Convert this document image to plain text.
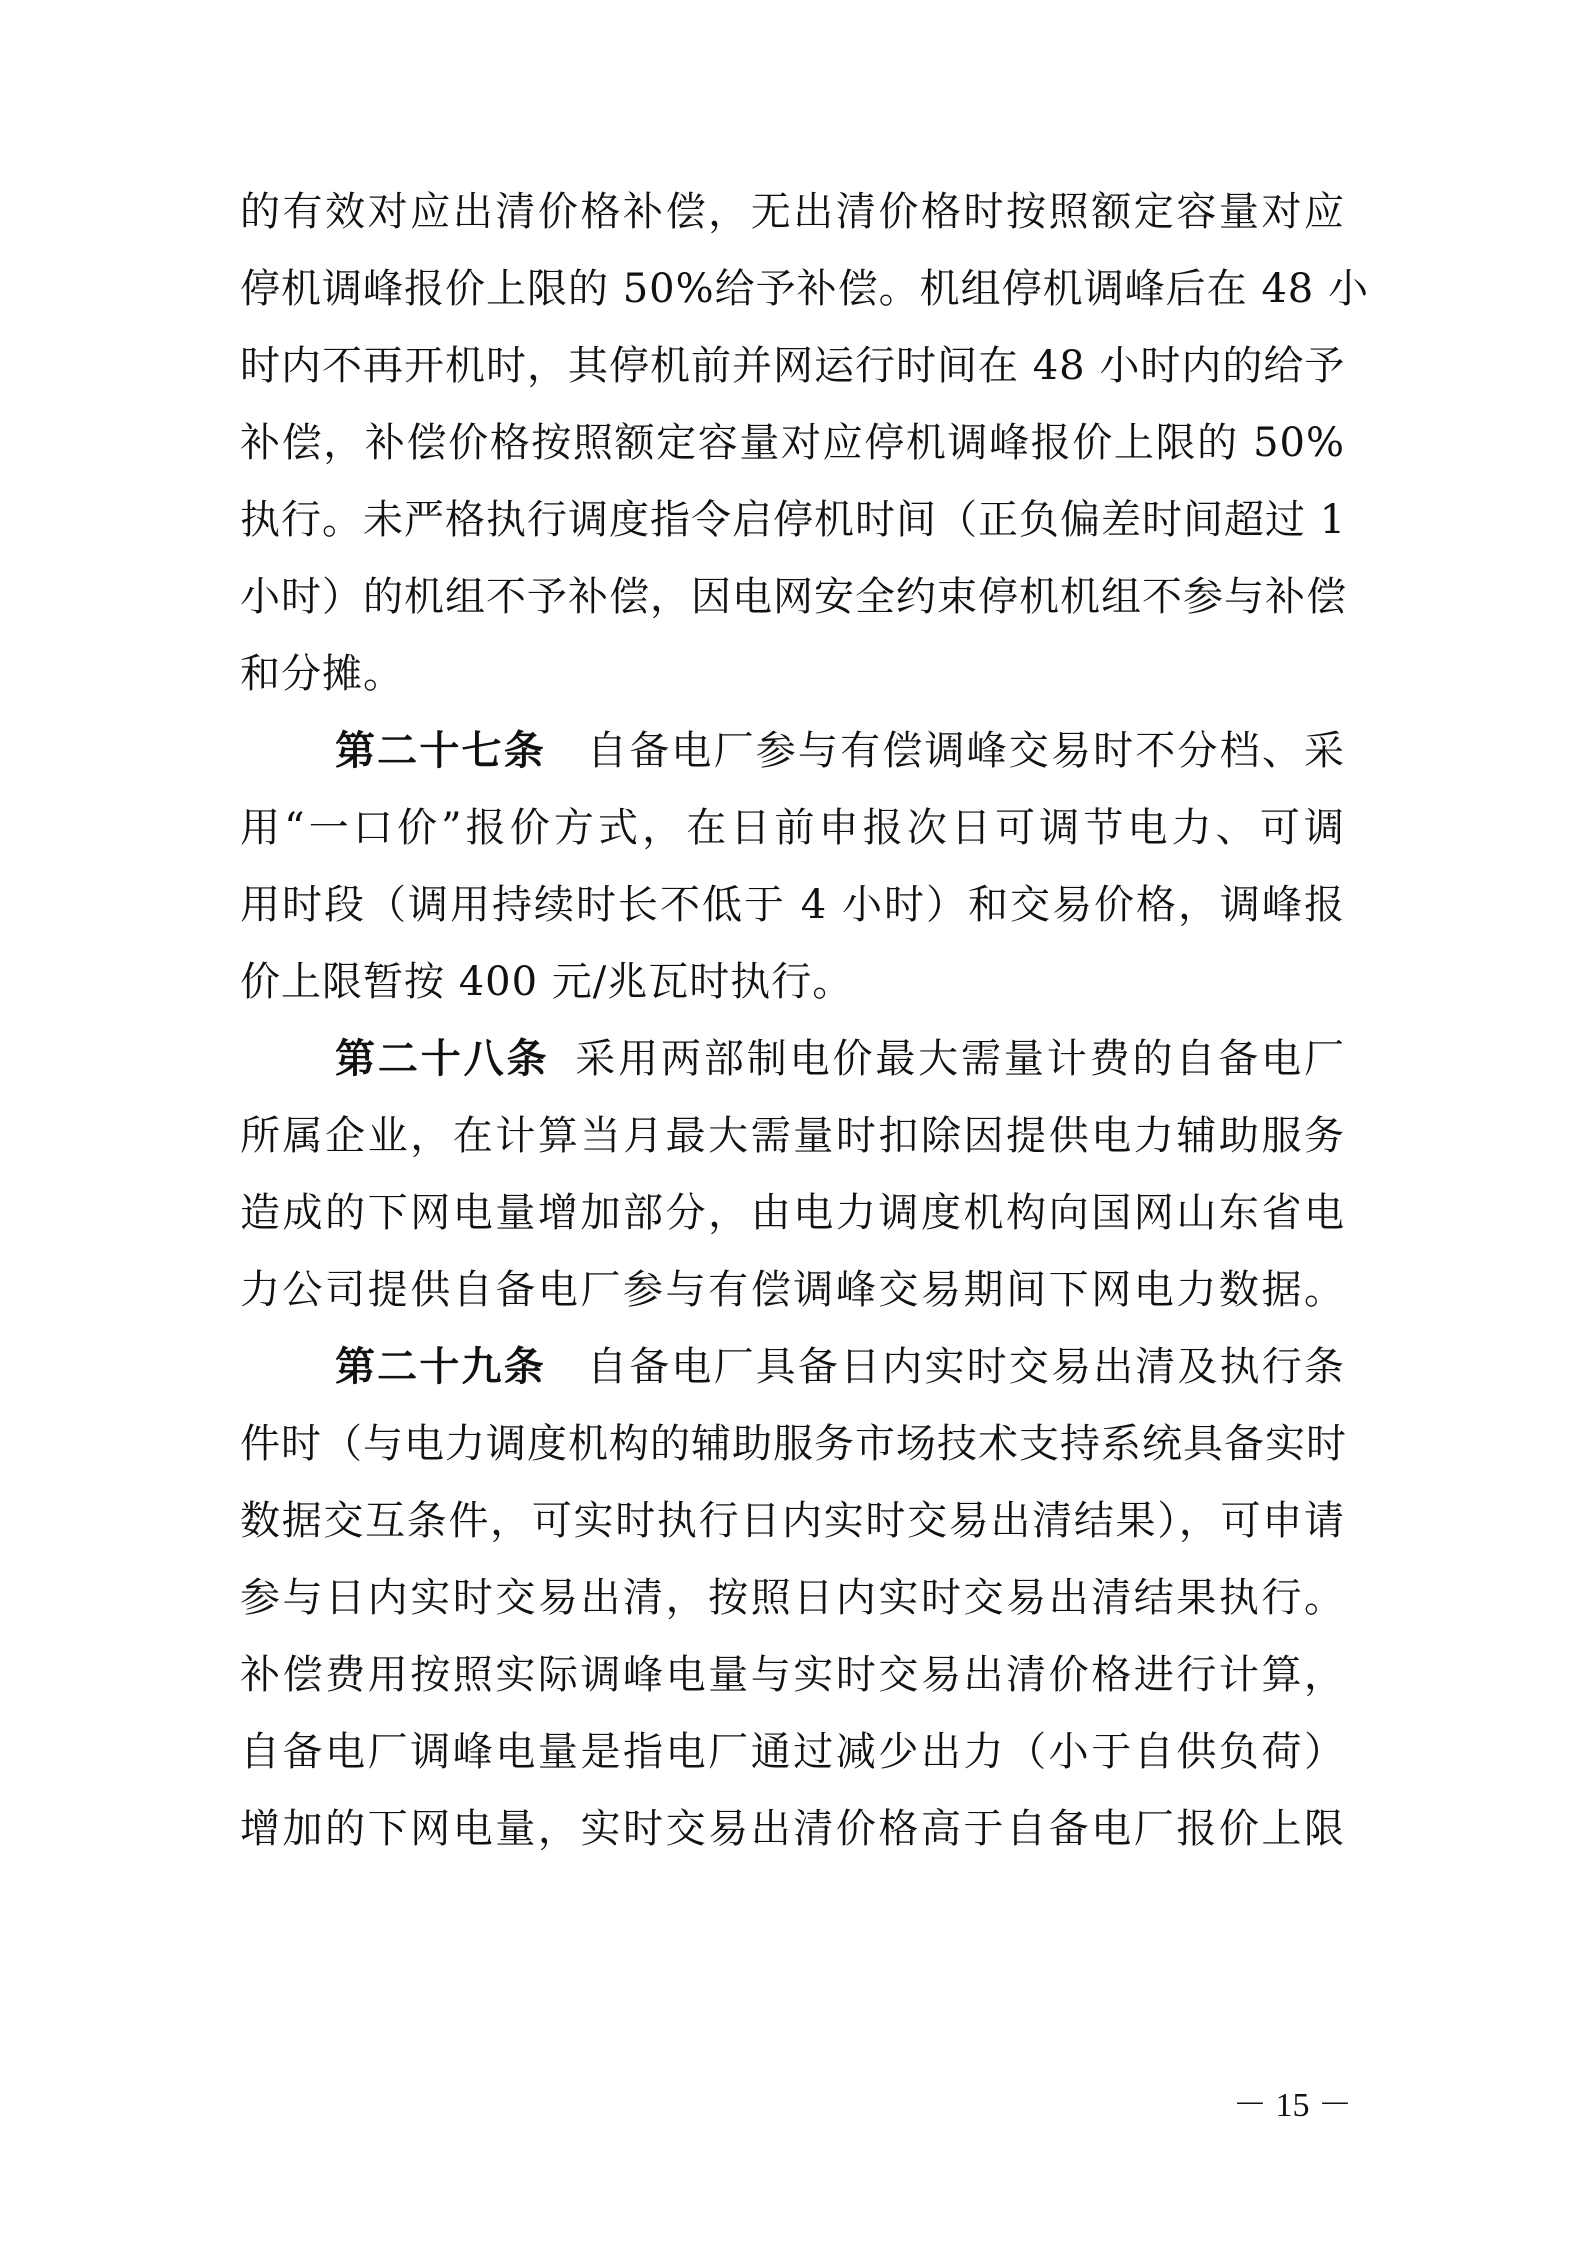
的有效对应出清价格补偿，无出清价格时按照额定容量对应
停机调峰报价上限的 50%给予补偿。机组停机调峰后在 48 小
时内不再开机时，其停机前并网运行时间在 48 小时内的给予
补偿，补偿价格按照额定容量对应停机调峰报价上限的 50%
执行。未严格执行调度指令启停机时间（正负偏差时间超过 1
小时）的机组不予补偿，因电网安全约束停机机组不参与补偿
和分摊。
第二十七条 自备电厂参与有偿调峰交易时不分档、采
用“一口价”报价方式，在日前申报次日可调节电力、可调
用时段（调用持续时长不低于 4 小时）和交易价格，调峰报
价上限暂按 400 元/兆瓦时执行。
第二十八条 采用两部制电价最大需量计费的自备电厂
所属企业，在计算当月最大需量时扣除因提供电力辅助服务
造成的下网电量增加部分，由电力调度机构向国网山东省电
力公司提供自备电厂参与有偿调峰交易期间下网电力数据。
第二十九条 自备电厂具备日内实时交易出清及执行条
件时（与电力调度机构的辅助服务市场技术支持系统具备实时
数据交互条件，可实时执行日内实时交易出清结果），可申请
参与日内实时交易出清，按照日内实时交易出清结果执行。
补偿费用按照实际调峰电量与实时交易出清价格进行计算，
自备电厂调峰电量是指电厂通过减少出力（小于自供负荷）
增加的下网电量，实时交易出清价格高于自备电厂报价上限
－ 15 －
